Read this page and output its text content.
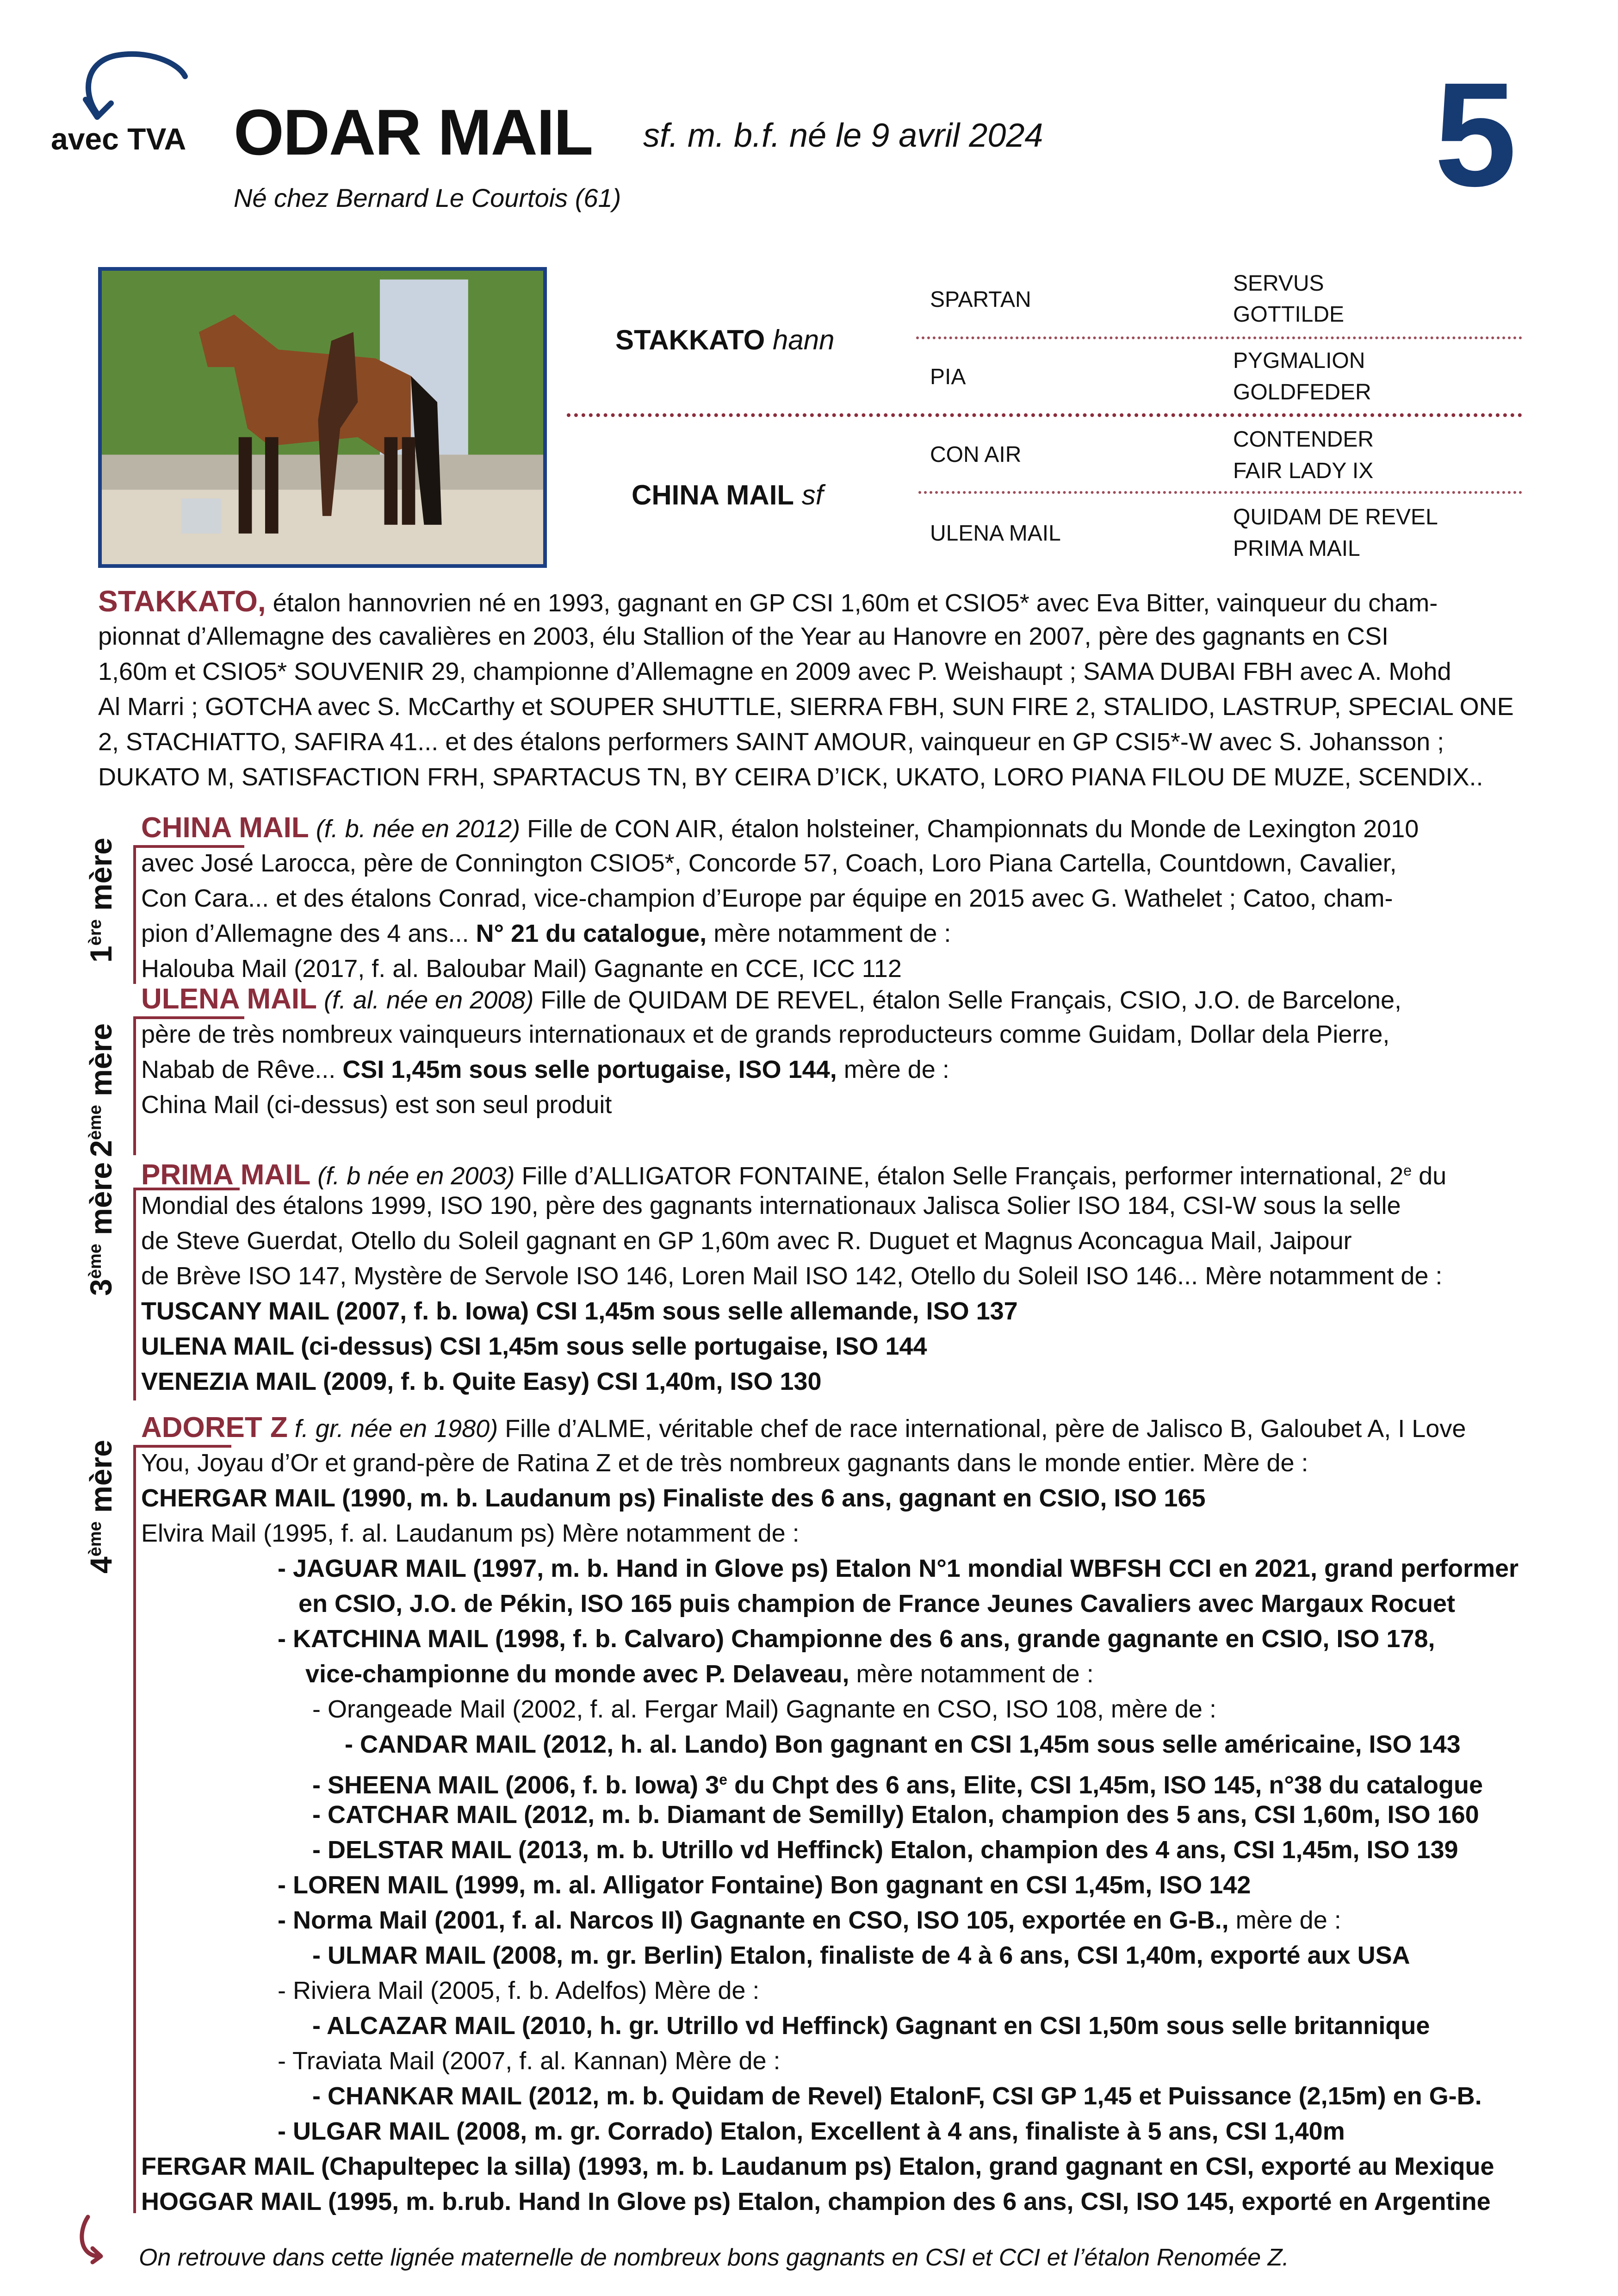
avec TVA ODAR MAIL sf. m. b.f. né le 9 avril 2024
Né chez Bernard Le Courtois (61)	5
STAKKATO hann
CHINA MAIL sf
SPARTAN
PIA
CON AIR
ULENA MAIL
SERVUS
GOTTILDE
PYGMALION
GOLDFEDER
CONTENDER
FAIR LADY IX
QUIDAM DE REVEL
PRIMA MAIL
STAKKATO, étalon hannovrien né en 1993, gagnant en GP CSI 1,60m et CSIO5* avec Eva Bitter, vainqueur du cham-
pionnat d’Allemagne des cavalières en 2003, élu Stallion of the Year au Hanovre en 2007, père des gagnants en CSI
1,60m et CSIO5* SOUVENIR 29, championne d’Allemagne en 2009 avec P. Weishaupt ; SAMA DUBAI FBH avec A. Mohd
Al Marri ; GOTCHA avec S. McCarthy et SOUPER SHUTTLE, SIERRA FBH, SUN FIRE 2, STALIDO, LASTRUP, SPECIAL ONE
2, STACHIATTO, SAFIRA 41... et des étalons performers SAINT AMOUR, vainqueur en GP CSI5*-W avec S. Johansson ;
DUKATO M, SATISFACTION FRH, SPARTACUS TN, BY CEIRA D’ICK, UKATO, LORO PIANA FILOU DE MUZE, SCENDIX..
1ère mère
CHINA MAIL (f. b. née en 2012) Fille de CON AIR, étalon holsteiner, Championnats du Monde de Lexington 2010
avec José Larocca, père de Connington CSIO5*, Concorde 57, Coach, Loro Piana Cartella, Countdown, Cavalier,
Con Cara... et des étalons Conrad, vice-champion d’Europe par équipe en 2015 avec G. Wathelet ; Catoo, cham-
pion d’Allemagne des 4 ans... N° 21 du catalogue, mère notamment de :
Halouba Mail (2017, f. al. Baloubar Mail) Gagnante en CCE, ICC 112
2ème mère
ULENA MAIL (f. al. née en 2008) Fille de QUIDAM DE REVEL, étalon Selle Français, CSIO, J.O. de Barcelone,
père de très nombreux vainqueurs internationaux et de grands reproducteurs comme Guidam, Dollar dela Pierre,
Nabab de Rêve... CSI 1,45m sous selle portugaise, ISO 144, mère de :
China Mail (ci-dessus) est son seul produit
3ème mère PRIMA MAIL (f. b née en 2003) Fille d’ALLIGATOR FONTAINE, étalon Selle Français, performer international, 2e du
Mondial des étalons 1999, ISO 190, père des gagnants internationaux Jalisca Solier ISO 184, CSI-W sous la selle
de Steve Guerdat, Otello du Soleil gagnant en GP 1,60m avec R. Duguet et Magnus Aconcagua Mail, Jaipour
de Brève ISO 147, Mystère de Servole ISO 146, Loren Mail ISO 142, Otello du Soleil ISO 146... Mère notamment de :
TUSCANY MAIL (2007, f. b. Iowa) CSI 1,45m sous selle allemande, ISO 137
ULENA MAIL (ci-dessus) CSI 1,45m sous selle portugaise, ISO 144
VENEZIA MAIL (2009, f. b. Quite Easy) CSI 1,40m, ISO 130
4ème mère
ADORET Z f. gr. née en 1980) Fille d’ALME, véritable chef de race international, père de Jalisco B, Galoubet A, I Love
You, Joyau d’Or et grand-père de Ratina Z et de très nombreux gagnants dans le monde entier. Mère de :
CHERGAR MAIL (1990, m. b. Laudanum ps) Finaliste des 6 ans, gagnant en CSIO, ISO 165
Elvira Mail (1995, f. al. Laudanum ps) Mère notamment de :
- JAGUAR MAIL (1997, m. b. Hand in Glove ps) Etalon N°1 mondial WBFSH CCI en 2021, grand performer
en CSIO, J.O. de Pékin, ISO 165 puis champion de France Jeunes Cavaliers avec Margaux Rocuet
- KATCHINA MAIL (1998, f. b. Calvaro) Championne des 6 ans, grande gagnante en CSIO, ISO 178,
vice-championne du monde avec P. Delaveau, mère notamment de :
- Orangeade Mail (2002, f. al. Fergar Mail) Gagnante en CSO, ISO 108, mère de :
- CANDAR MAIL (2012, h. al. Lando) Bon gagnant en CSI 1,45m sous selle américaine, ISO 143
- SHEENA MAIL (2006, f. b. Iowa) 3e du Chpt des 6 ans, Elite, CSI 1,45m, ISO 145, n°38 du catalogue
- CATCHAR MAIL (2012, m. b. Diamant de Semilly) Etalon, champion des 5 ans, CSI 1,60m, ISO 160
- DELSTAR MAIL (2013, m. b. Utrillo vd Heffinck) Etalon, champion des 4 ans, CSI 1,45m, ISO 139
- LOREN MAIL (1999, m. al. Alligator Fontaine) Bon gagnant en CSI 1,45m, ISO 142
- Norma Mail (2001, f. al. Narcos II) Gagnante en CSO, ISO 105, exportée en G-B., mère de :
- ULMAR MAIL (2008, m. gr. Berlin) Etalon, finaliste de 4 à 6 ans, CSI 1,40m, exporté aux USA
- Riviera Mail (2005, f. b. Adelfos) Mère de :
- ALCAZAR MAIL (2010, h. gr. Utrillo vd Heffinck) Gagnant en CSI 1,50m sous selle britannique
- Traviata Mail (2007, f. al. Kannan) Mère de :
- CHANKAR MAIL (2012, m. b. Quidam de Revel) EtalonF, CSI GP 1,45 et Puissance (2,15m) en G-B.
- ULGAR MAIL (2008, m. gr. Corrado) Etalon, Excellent à 4 ans, finaliste à 5 ans, CSI 1,40m
FERGAR MAIL (Chapultepec la silla) (1993, m. b. Laudanum ps) Etalon, grand gagnant en CSI, exporté au Mexique
HOGGAR MAIL (1995, m. b.rub. Hand In Glove ps) Etalon, champion des 6 ans, CSI, ISO 145, exporté en Argentine
On retrouve dans cette lignée maternelle de nombreux bons gagnants en CSI et CCI et l’étalon Renomée Z.
